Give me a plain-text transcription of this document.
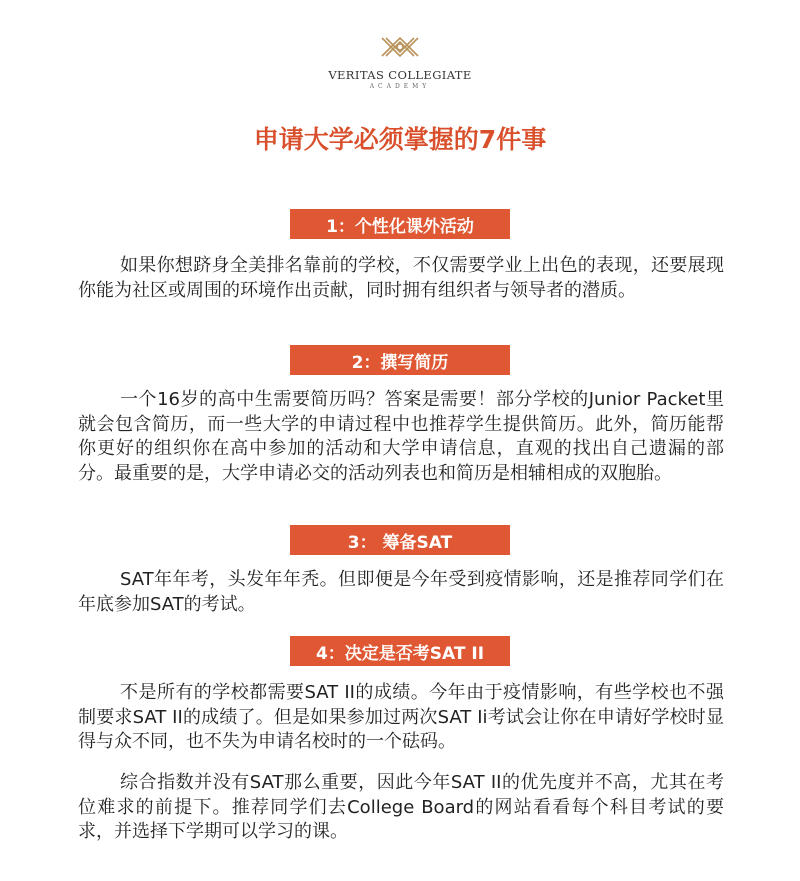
VERITAS COLLEGIATE
ACADEMY
申请大学必须掌握的7件事
1：个性化课外活动

如果你想跻身全美排名靠前的学校，不仅需要学业上出色的表现，还要展现你能为社区或周围的环境作出贡献，同时拥有组织者与领导者的潜质。

2：撰写简历

一个16岁的高中生需要简历吗？答案是需要！部分学校的Junior Packet里就会包含简历，而一些大学的申请过程中也推荐学生提供简历。此外，简历能帮你更好的组织你在高中参加的活动和大学申请信息，直观的找出自己遗漏的部分。最重要的是，大学申请必交的活动列表也和简历是相辅相成的双胞胎。

3： 筹备SAT

SAT年年考，头发年年秃。但即便是今年受到疫情影响，还是推荐同学们在年底参加SAT的考试。

4：决定是否考SAT II

不是所有的学校都需要SAT II的成绩。今年由于疫情影响，有些学校也不强制要求SAT II的成绩了。但是如果参加过两次SAT Ii考试会让你在申请好学校时显得与众不同，也不失为申请名校时的一个砝码。

综合指数并没有SAT那么重要，因此今年SAT II的优先度并不高，尤其在考位难求的前提下。推荐同学们去College Board的网站看看每个科目考试的要求，并选择下学期可以学习的课。
